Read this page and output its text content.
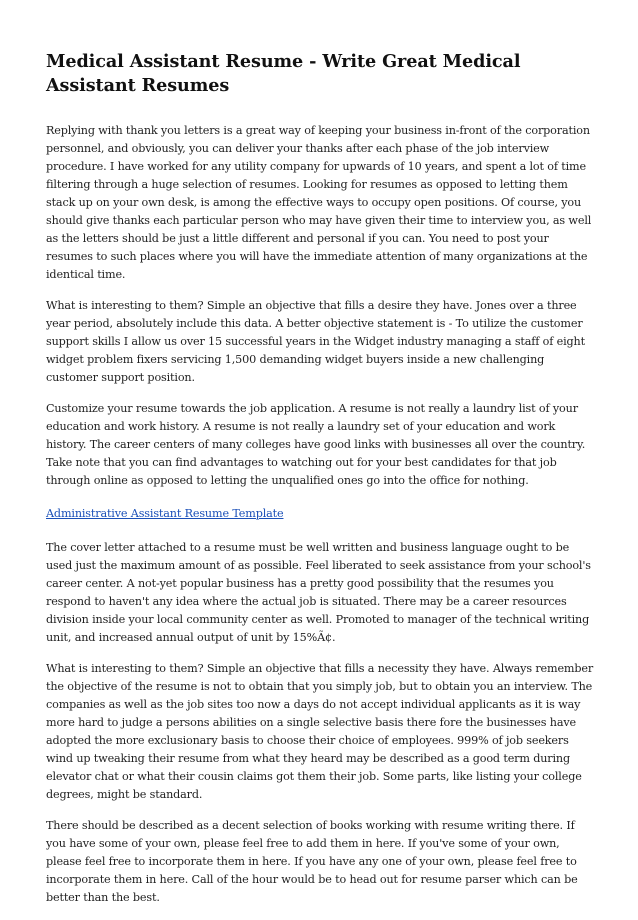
Medical Assistant Resume - Write Great Medical Assistant Resumes

Replying with thank you letters is a great way of keeping your business in-front of the corporation personnel, and obviously, you can deliver your thanks after each phase of the job interview procedure. I have worked for any utility company for upwards of 10 years, and spent a lot of time filtering through a huge selection of resumes. Looking for resumes as opposed to letting them stack up on your own desk, is among the effective ways to occupy open positions. Of course, you should give thanks each particular person who may have given their time to interview you, as well as the letters should be just a little different and personal if you can. You need to post your resumes to such places where you will have the immediate attention of many organizations at the identical time.

What is interesting to them? Simple an objective that fills a desire they have. Jones over a three year period, absolutely include this data. A better objective statement is - To utilize the customer support skills I allow us over 15 successful years in the Widget industry managing a staff of eight widget problem fixers servicing 1,500 demanding widget buyers inside a new challenging customer support position.

Customize your resume towards the job application. A resume is not really a laundry list of your education and work history. A resume is not really a laundry set of your education and work history. The career centers of many colleges have good links with businesses all over the country. Take note that you can find advantages to watching out for your best candidates for that job through online as opposed to letting the unqualified ones go into the office for nothing.

Administrative Assistant Resume Template

The cover letter attached to a resume must be well written and business language ought to be used just the maximum amount of as possible. Feel liberated to seek assistance from your school's career center. A not-yet popular business has a pretty good possibility that the resumes you respond to haven't any idea where the actual job is situated. There may be a career resources division inside your local community center as well. Promoted to manager of the technical writing unit, and increased annual output of unit by 15%Ã¢.

What is interesting to them? Simple an objective that fills a necessity they have. Always remember the objective of the resume is not to obtain that you simply job, but to obtain you an interview. The companies as well as the job sites too now a days do not accept individual applicants as it is way more hard to judge a persons abilities on a single selective basis there fore the businesses have adopted the more exclusionary basis to choose their choice of employees. 999% of job seekers wind up tweaking their resume from what they heard may be described as a good term during elevator chat or what their cousin claims got them their job. Some parts, like listing your college degrees, might be standard.

There should be described as a decent selection of books working with resume writing there. If you have some of your own, please feel free to add them in here. If you've some of your own, please feel free to incorporate them in here. If you have any one of your own, please feel free to incorporate them in here. Call of the hour would be to head out for resume parser which can be better than the best.
